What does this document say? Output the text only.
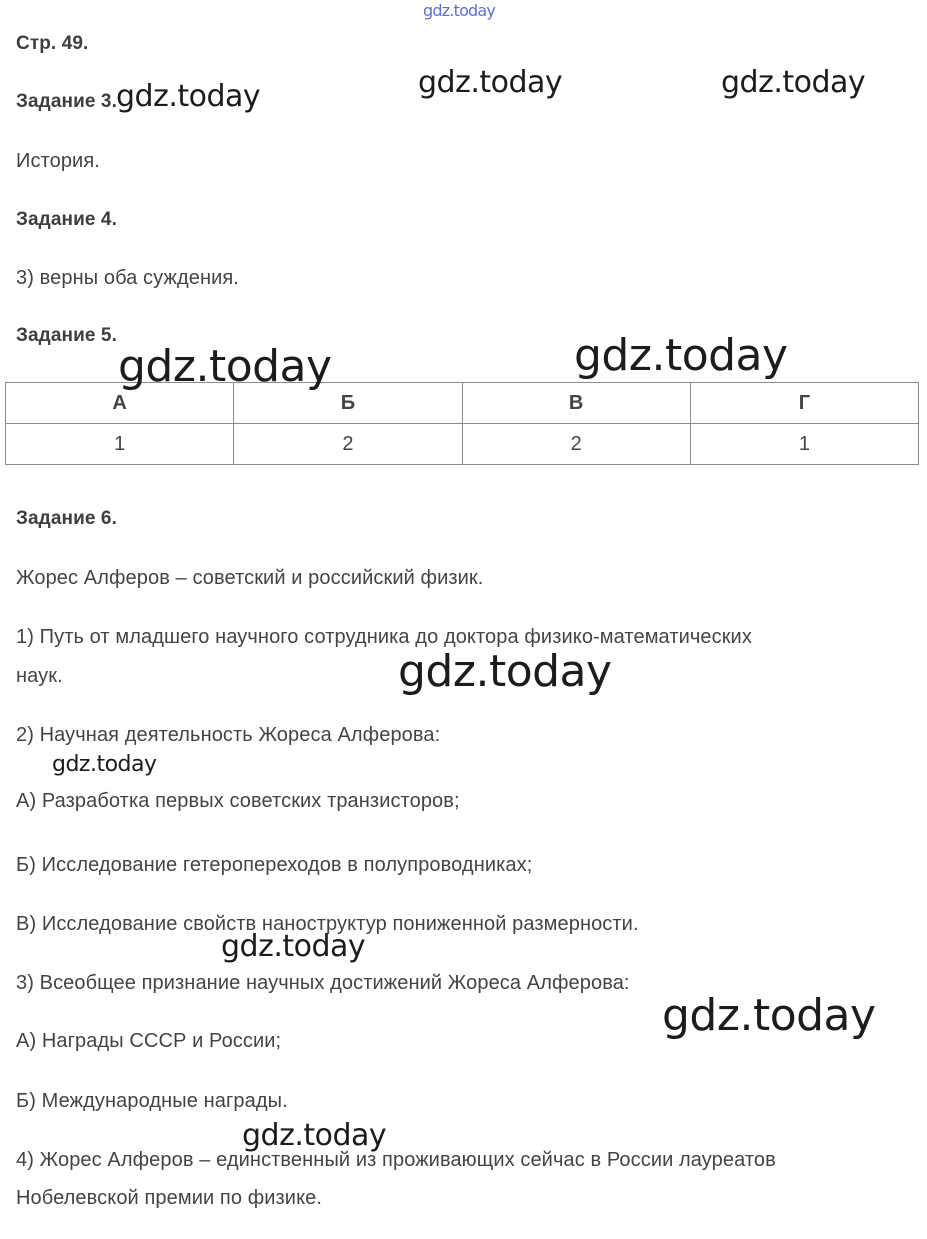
Стр. 49.

Задание 3.

История.

Задание 4.

3) верны оба суждения.

Задание 5.

А	Б	В	Г
1	2	2	1

Задание 6.

Жорес Алферов – советский и российский физик.

1) Путь от младшего научного сотрудника до доктора физико-математических

наук.

2) Научная деятельность Жореса Алферова:

А) Разработка первых советских транзисторов;

Б) Исследование гетеропереходов в полупроводниках;

В) Исследование свойств наноструктур пониженной размерности.

3) Всеобщее признание научных достижений Жореса Алферова:

А) Награды СССР и России;

Б) Международные награды.

4) Жорес Алферов – единственный из проживающих сейчас в России лауреатов

Нобелевской премии по физике.

gdz.today

gdz.today	gdz.today	gdz.today

gdz.today	gdz.today

gdz.today

gdz.today

gdz.today

gdz.today

gdz.today
